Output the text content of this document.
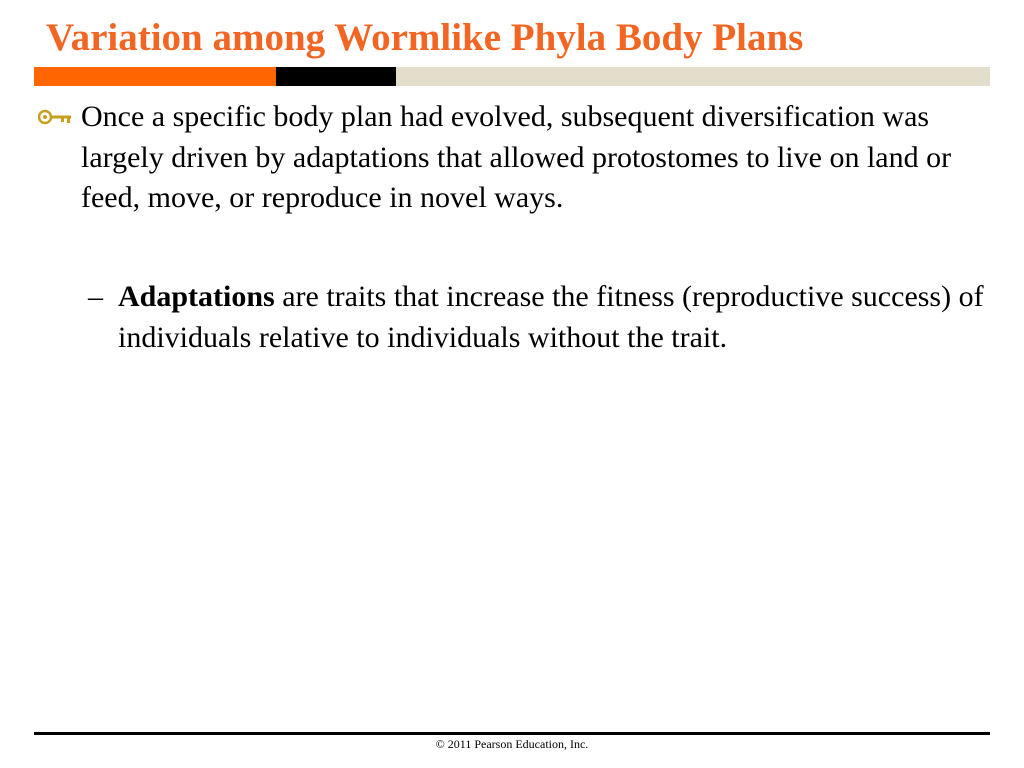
Variation among Wormlike Phyla Body Plans
Once a specific body plan had evolved, subsequent diversification was largely driven by adaptations that allowed protostomes to live on land or feed, move, or reproduce in novel ways.
– Adaptations are traits that increase the fitness (reproductive success) of individuals relative to individuals without the trait.
© 2011 Pearson Education, Inc.
